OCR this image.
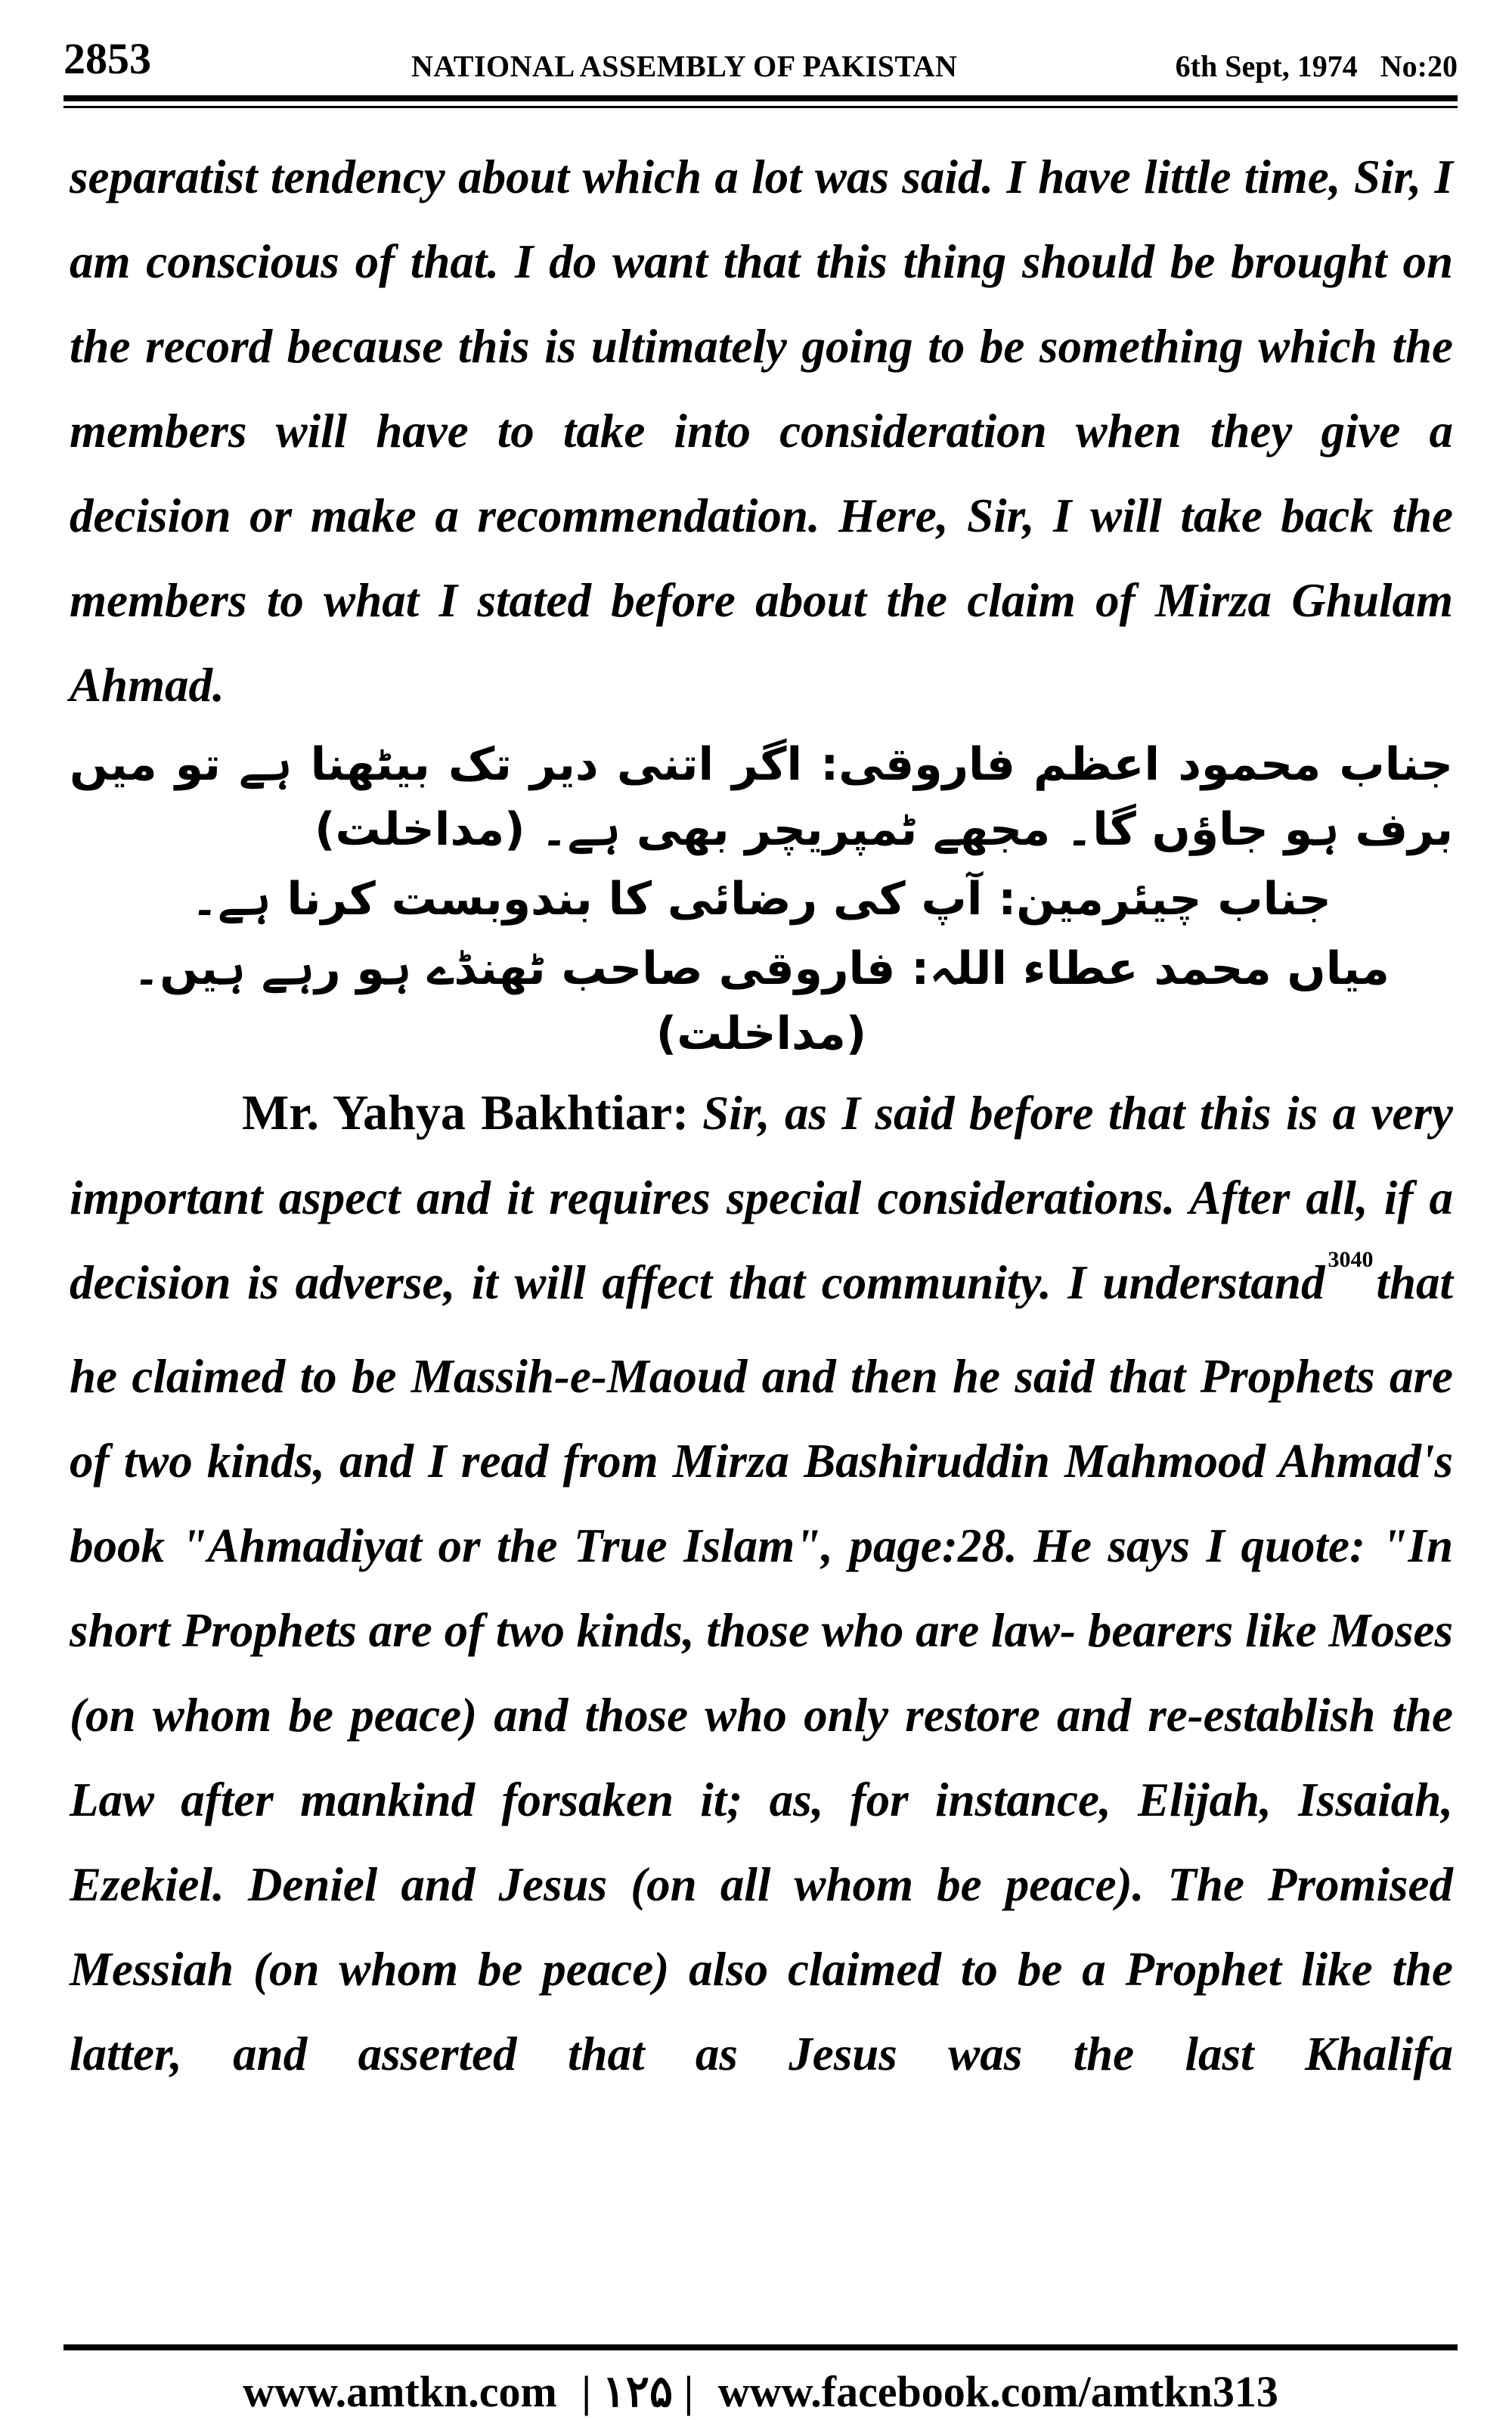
2853	NATIONAL ASSEMBLY OF PAKISTAN	6th Sept, 1974 No:20

separatist tendency about which a lot was said. I have little time, Sir, I am conscious of that. I do want that this thing should be brought on the record because this is ultimately going to be something which the members will have to take into consideration when they give a decision or make a recommendation. Here, Sir, I will take back the members to what I stated before about the claim of Mirza Ghulam Ahmad.

جناب محمود اعظم فاروقی: اگر اتنی دیر تک بیٹھنا ہے تو میں برف ہو جاؤں گا۔ مجھے ٹمپریچر بھی ہے۔ (مداخلت)
جناب چیئرمین: آپ کی رضائی کا بندوبست کرنا ہے۔
میاں محمد عطاء اللہ: فاروقی صاحب ٹھنڈے ہو رہے ہیں۔ (مداخلت)

Mr. Yahya Bakhtiar: Sir, as I said before that this is a very important aspect and it requires special considerations. After all, if a decision is adverse, it will affect that community. I understand $^{3040}$that he claimed to be Massih-e-Maoud and then he said that Prophets are of two kinds, and I read from Mirza Bashiruddin Mahmood Ahmad's book "Ahmadiyat or the True Islam", page:28. He says I quote: "In short Prophets are of two kinds, those who are law- bearers like Moses (on whom be peace) and those who only restore and re-establish the Law after mankind forsaken it; as, for instance, Elijah, Issaiah, Ezekiel. Deniel and Jesus (on all whom be peace). The Promised Messiah (on whom be peace) also claimed to be a Prophet like the latter, and asserted that as Jesus was the last Khalifa

www.amtkn.com | ۱۲۵ | www.facebook.com/amtkn313
